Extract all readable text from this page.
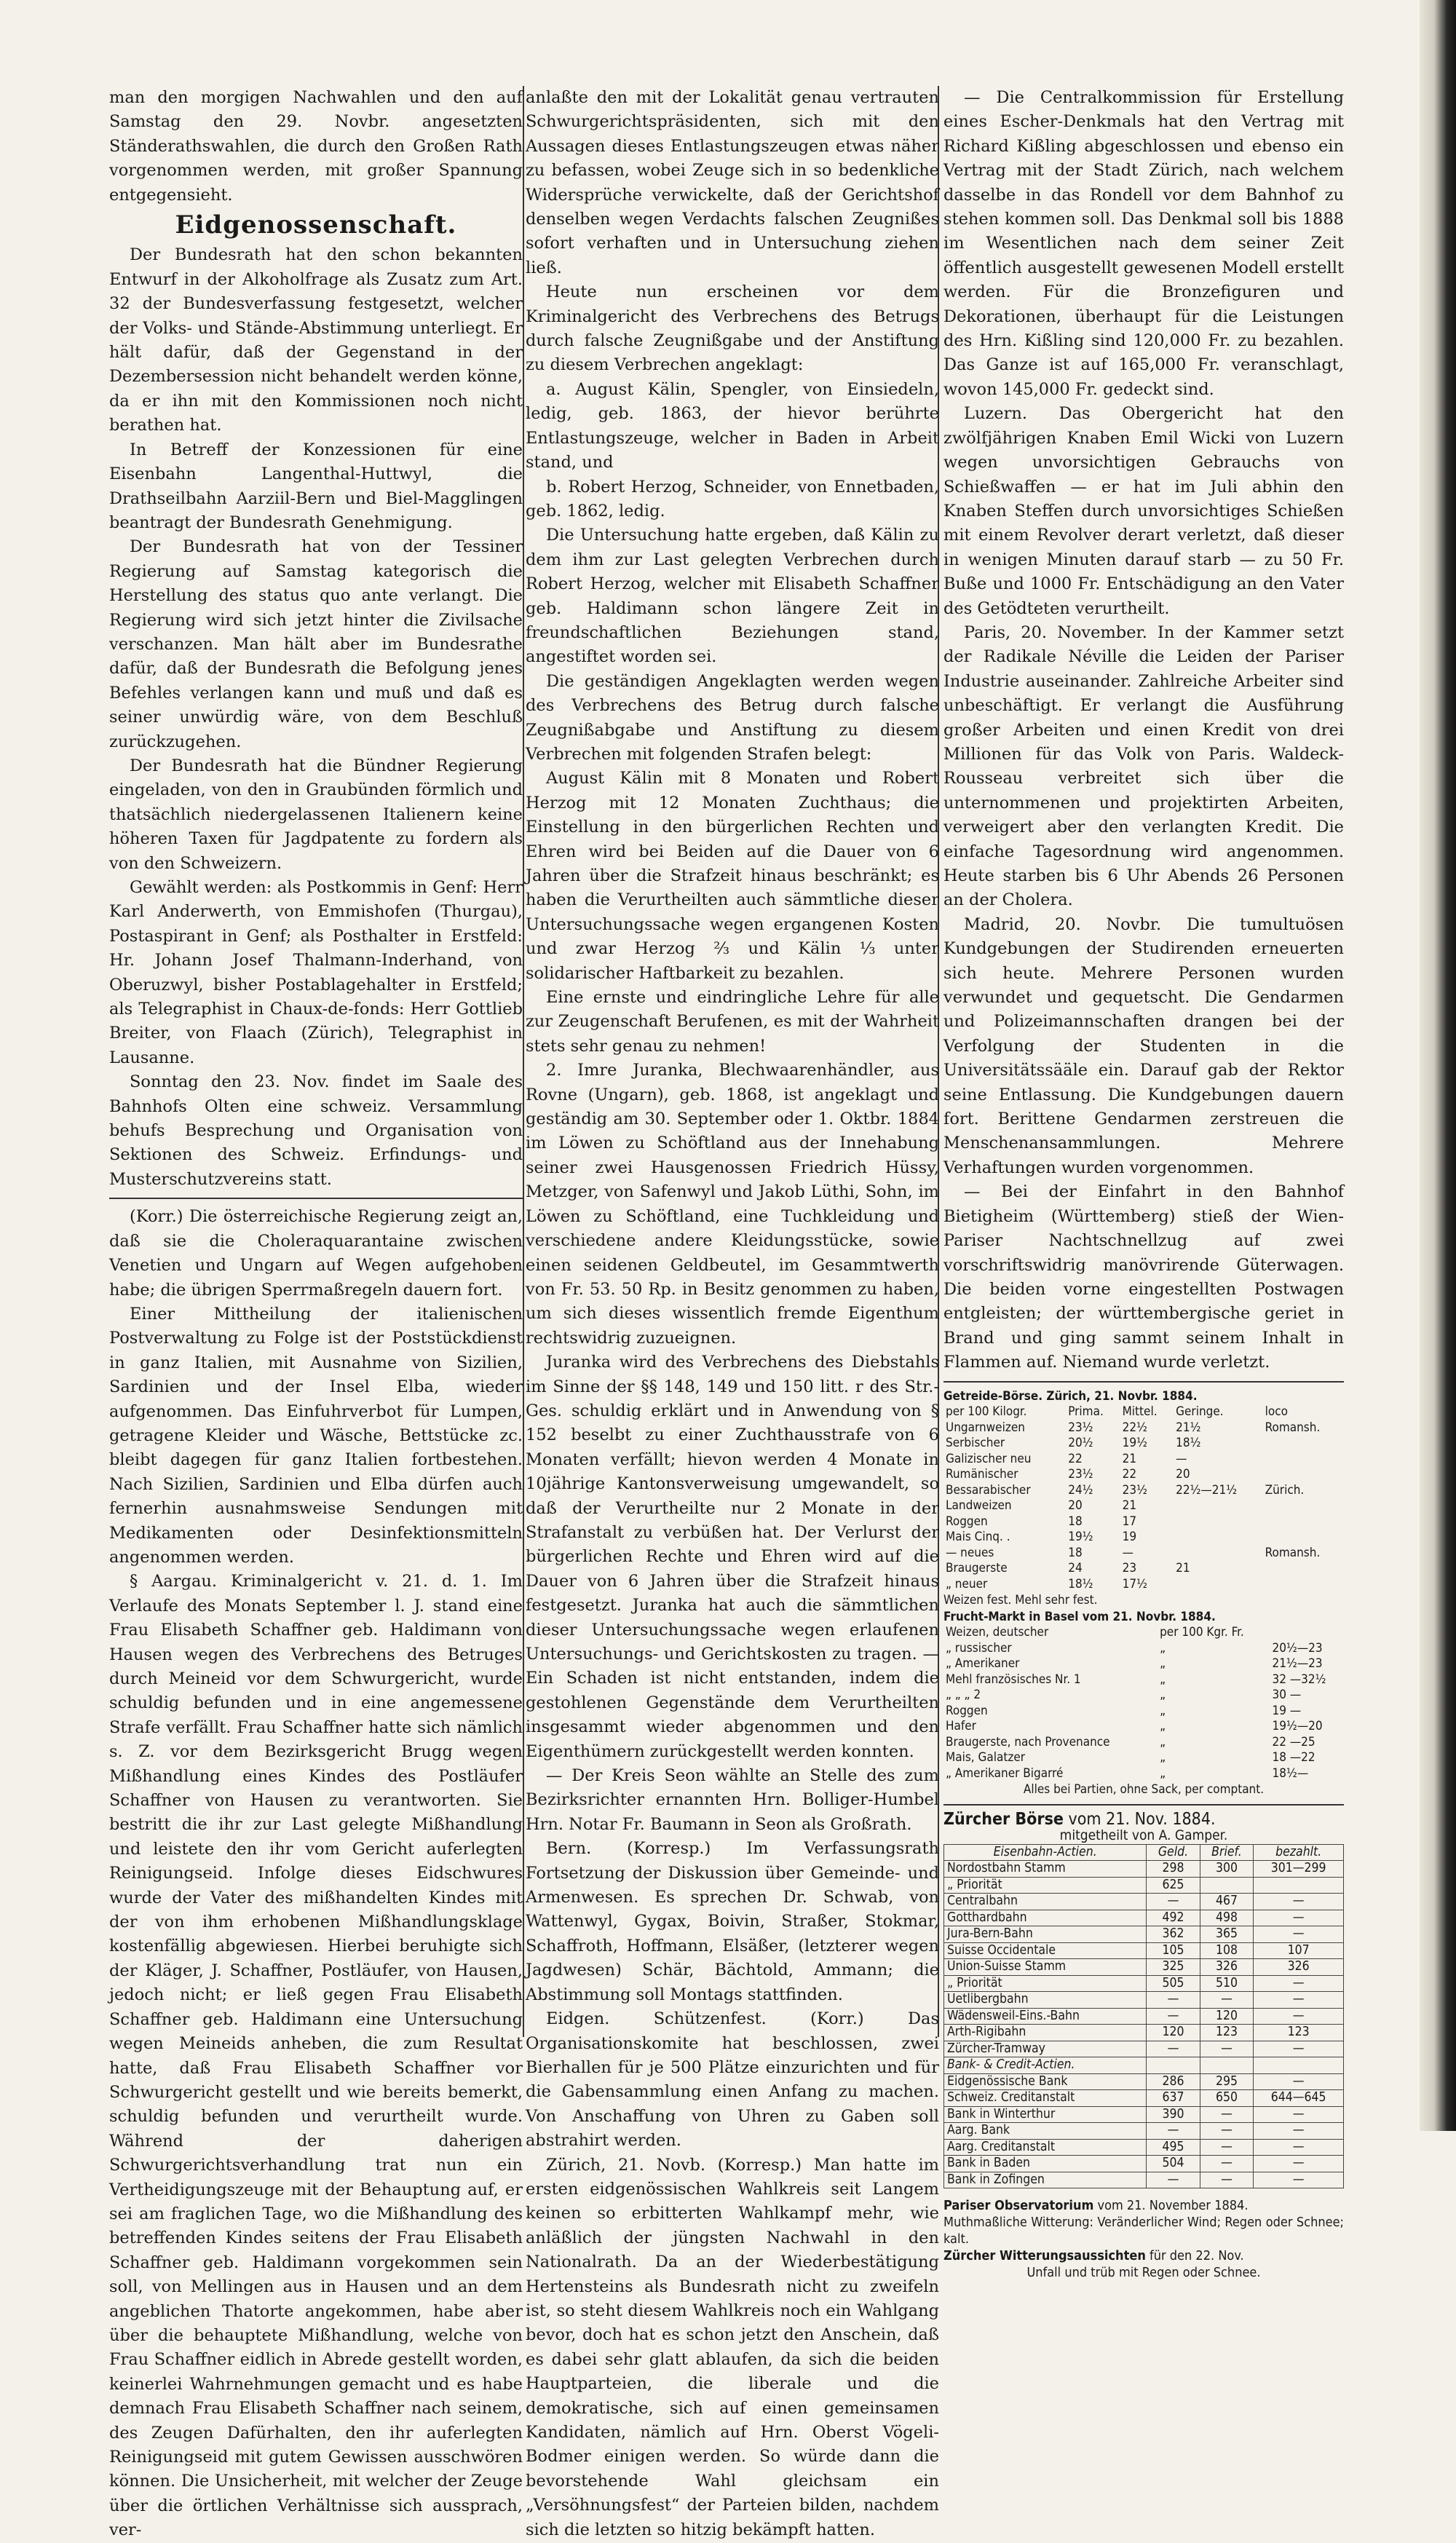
man den morgigen Nachwahlen und den auf Samstag den 29. Novbr. angesetzten Ständerathswahlen, die durch den Großen Rath vorgenommen werden, mit großer Spannung entgegensieht.

Eidgenossenschaft.

Der Bundesrath hat den schon bekannten Entwurf in der Alkoholfrage als Zusatz zum Art. 32 der Bundesverfassung festgesetzt, welcher der Volks- und Stände-Abstimmung unterliegt. Er hält dafür, daß der Gegenstand in der Dezembersession nicht behandelt werden könne, da er ihn mit den Kommissionen noch nicht berathen hat.

In Betreff der Konzessionen für eine Eisenbahn Langenthal-Huttwyl, die Drathseilbahn Aarziil-Bern und Biel-Magglingen beantragt der Bundesrath Genehmigung.

Der Bundesrath hat von der Tessiner Regierung auf Samstag kategorisch die Herstellung des status quo ante verlangt. Die Regierung wird sich jetzt hinter die Zivilsache verschanzen. Man hält aber im Bundesrathe dafür, daß der Bundesrath die Befolgung jenes Befehles verlangen kann und muß und daß es seiner unwürdig wäre, von dem Beschluß zurückzugehen.

Der Bundesrath hat die Bündner Regierung eingeladen, von den in Graubünden förmlich und thatsächlich niedergelassenen Italienern keine höheren Taxen für Jagdpatente zu fordern als von den Schweizern.

Gewählt werden: als Postkommis in Genf: Herr Karl Anderwerth, von Emmishofen (Thurgau), Postaspirant in Genf; als Posthalter in Erstfeld: Hr. Johann Josef Thalmann-Inderhand, von Oberuzwyl, bisher Postablagehalter in Erstfeld; als Telegraphist in Chaux-de-fonds: Herr Gottlieb Breiter, von Flaach (Zürich), Telegraphist in Lausanne.

Sonntag den 23. Nov. findet im Saale des Bahnhofs Olten eine schweiz. Versammlung behufs Besprechung und Organisation von Sektionen des Schweiz. Erfindungs- und Musterschutzvereins statt.

(Korr.) Die österreichische Regierung zeigt an, daß sie die Choleraquarantaine zwischen Venetien und Ungarn auf Wegen aufgehoben habe; die übrigen Sperrmaßregeln dauern fort.

Einer Mittheilung der italienischen Postverwaltung zu Folge ist der Poststückdienst in ganz Italien, mit Ausnahme von Sizilien, Sardinien und der Insel Elba, wieder aufgenommen. Das Einfuhrverbot für Lumpen, getragene Kleider und Wäsche, Bettstücke zc. bleibt dagegen für ganz Italien fortbestehen. Nach Sizilien, Sardinien und Elba dürfen auch fernerhin ausnahmsweise Sendungen mit Medikamenten oder Desinfektionsmitteln angenommen werden.

§ Aargau. Kriminalgericht v. 21. d. 1. Im Verlaufe des Monats September l. J. stand eine Frau Elisabeth Schaffner geb. Haldimann von Hausen wegen des Verbrechens des Betruges durch Meineid vor dem Schwurgericht, wurde schuldig befunden und in eine angemessene Strafe verfällt. Frau Schaffner hatte sich nämlich s. Z. vor dem Bezirksgericht Brugg wegen Mißhandlung eines Kindes des Postläufer Schaffner von Hausen zu verantworten. Sie bestritt die ihr zur Last gelegte Mißhandlung und leistete den ihr vom Gericht auferlegten Reinigungseid. Infolge dieses Eidschwures wurde der Vater des mißhandelten Kindes mit der von ihm erhobenen Mißhandlungsklage kostenfällig abgewiesen. Hierbei beruhigte sich der Kläger, J. Schaffner, Postläufer, von Hausen, jedoch nicht; er ließ gegen Frau Elisabeth Schaffner geb. Haldimann eine Untersuchung wegen Meineids anheben, die zum Resultat hatte, daß Frau Elisabeth Schaffner vor Schwurgericht gestellt und wie bereits bemerkt, schuldig befunden und verurtheilt wurde. Während der daherigen Schwurgerichtsverhandlung trat nun ein Vertheidigungszeuge mit der Behauptung auf, er sei am fraglichen Tage, wo die Mißhandlung des betreffenden Kindes seitens der Frau Elisabeth Schaffner geb. Haldimann vorgekommen sein soll, von Mellingen aus in Hausen und an dem angeblichen Thatorte angekommen, habe aber über die behauptete Mißhandlung, welche von Frau Schaffner eidlich in Abrede gestellt worden, keinerlei Wahrnehmungen gemacht und es habe demnach Frau Elisabeth Schaffner nach seinem, des Zeugen Dafürhalten, den ihr auferlegten Reinigungseid mit gutem Gewissen ausschwören können. Die Unsicherheit, mit welcher der Zeuge über die örtlichen Verhältnisse sich aussprach, ver-

anlaßte den mit der Lokalität genau vertrauten Schwurgerichtspräsidenten, sich mit den Aussagen dieses Entlastungszeugen etwas näher zu befassen, wobei Zeuge sich in so bedenkliche Widersprüche verwickelte, daß der Gerichtshof denselben wegen Verdachts falschen Zeugnißes sofort verhaften und in Untersuchung ziehen ließ.

Heute nun erscheinen vor dem Kriminalgericht des Verbrechens des Betrugs durch falsche Zeugnißgabe und der Anstiftung zu diesem Verbrechen angeklagt:

a. August Kälin, Spengler, von Einsiedeln, ledig, geb. 1863, der hievor berührte Entlastungszeuge, welcher in Baden in Arbeit stand, und

b. Robert Herzog, Schneider, von Ennetbaden, geb. 1862, ledig.

Die Untersuchung hatte ergeben, daß Kälin zu dem ihm zur Last gelegten Verbrechen durch Robert Herzog, welcher mit Elisabeth Schaffner geb. Haldimann schon längere Zeit in freundschaftlichen Beziehungen stand, angestiftet worden sei.

Die geständigen Angeklagten werden wegen des Verbrechens des Betrug durch falsche Zeugnißabgabe und Anstiftung zu diesem Verbrechen mit folgenden Strafen belegt:

August Kälin mit 8 Monaten und Robert Herzog mit 12 Monaten Zuchthaus; die Einstellung in den bürgerlichen Rechten und Ehren wird bei Beiden auf die Dauer von 6 Jahren über die Strafzeit hinaus beschränkt; es haben die Verurtheilten auch sämmtliche dieser Untersuchungssache wegen ergangenen Kosten und zwar Herzog ⅔ und Kälin ⅓ unter solidarischer Haftbarkeit zu bezahlen.

Eine ernste und eindringliche Lehre für alle zur Zeugenschaft Berufenen, es mit der Wahrheit stets sehr genau zu nehmen!

2. Imre Juranka, Blechwaarenhändler, aus Rovne (Ungarn), geb. 1868, ist angeklagt und geständig am 30. September oder 1. Oktbr. 1884 im Löwen zu Schöftland aus der Innehabung seiner zwei Hausgenossen Friedrich Hüssy, Metzger, von Safenwyl und Jakob Lüthi, Sohn, im Löwen zu Schöftland, eine Tuchkleidung und verschiedene andere Kleidungsstücke, sowie einen seidenen Geldbeutel, im Gesammtwerth von Fr. 53. 50 Rp. in Besitz genommen zu haben, um sich dieses wissentlich fremde Eigenthum rechtswidrig zuzueignen.

Juranka wird des Verbrechens des Diebstahls im Sinne der §§ 148, 149 und 150 litt. r des Str.-Ges. schuldig erklärt und in Anwendung von § 152 beselbt zu einer Zuchthausstrafe von 6 Monaten verfällt; hievon werden 4 Monate in 10jährige Kantonsverweisung umgewandelt, so daß der Verurtheilte nur 2 Monate in der Strafanstalt zu verbüßen hat. Der Verlurst der bürgerlichen Rechte und Ehren wird auf die Dauer von 6 Jahren über die Strafzeit hinaus festgesetzt. Juranka hat auch die sämmtlichen dieser Untersuchungssache wegen erlaufenen Untersuchungs- und Gerichtskosten zu tragen. — Ein Schaden ist nicht entstanden, indem die gestohlenen Gegenstände dem Verurtheilten insgesammt wieder abgenommen und den Eigenthümern zurückgestellt werden konnten.

— Der Kreis Seon wählte an Stelle des zum Bezirksrichter ernannten Hrn. Bolliger-Humbel Hrn. Notar Fr. Baumann in Seon als Großrath.

Bern. (Korresp.) Im Verfassungsrath Fortsetzung der Diskussion über Gemeinde- und Armenwesen. Es sprechen Dr. Schwab, von Wattenwyl, Gygax, Boivin, Straßer, Stokmar, Schaffroth, Hoffmann, Elsäßer, (letzterer wegen Jagdwesen) Schär, Bächtold, Ammann; die Abstimmung soll Montags stattfinden.

Eidgen. Schützenfest. (Korr.) Das Organisationskomite hat beschlossen, zwei Bierhallen für je 500 Plätze einzurichten und für die Gabensammlung einen Anfang zu machen. Von Anschaffung von Uhren zu Gaben soll abstrahirt werden.

Zürich, 21. Novb. (Korresp.) Man hatte im ersten eidgenössischen Wahlkreis seit Langem keinen so erbitterten Wahlkampf mehr, wie anläßlich der jüngsten Nachwahl in den Nationalrath. Da an der Wiederbestätigung Hertensteins als Bundesrath nicht zu zweifeln ist, so steht diesem Wahlkreis noch ein Wahlgang bevor, doch hat es schon jetzt den Anschein, daß es dabei sehr glatt ablaufen, da sich die beiden Hauptparteien, die liberale und die demokratische, sich auf einen gemeinsamen Kandidaten, nämlich auf Hrn. Oberst Vögeli-Bodmer einigen werden. So würde dann die bevorstehende Wahl gleichsam ein „Versöhnungsfest“ der Parteien bilden, nachdem sich die letzten so hitzig bekämpft hatten.

— Die Centralkommission für Erstellung eines Escher-Denkmals hat den Vertrag mit Richard Kißling abgeschlossen und ebenso ein Vertrag mit der Stadt Zürich, nach welchem dasselbe in das Rondell vor dem Bahnhof zu stehen kommen soll. Das Denkmal soll bis 1888 im Wesentlichen nach dem seiner Zeit öffentlich ausgestellt gewesenen Modell erstellt werden. Für die Bronzefiguren und Dekorationen, überhaupt für die Leistungen des Hrn. Kißling sind 120,000 Fr. zu bezahlen. Das Ganze ist auf 165,000 Fr. veranschlagt, wovon 145,000 Fr. gedeckt sind.

Luzern. Das Obergericht hat den zwölfjährigen Knaben Emil Wicki von Luzern wegen unvorsichtigen Gebrauchs von Schießwaffen — er hat im Juli abhin den Knaben Steffen durch unvorsichtiges Schießen mit einem Revolver derart verletzt, daß dieser in wenigen Minuten darauf starb — zu 50 Fr. Buße und 1000 Fr. Entschädigung an den Vater des Getödteten verurtheilt.

Paris, 20. November. In der Kammer setzt der Radikale Néville die Leiden der Pariser Industrie auseinander. Zahlreiche Arbeiter sind unbeschäftigt. Er verlangt die Ausführung großer Arbeiten und einen Kredit von drei Millionen für das Volk von Paris. Waldeck-Rousseau verbreitet sich über die unternommenen und projektirten Arbeiten, verweigert aber den verlangten Kredit. Die einfache Tagesordnung wird angenommen. Heute starben bis 6 Uhr Abends 26 Personen an der Cholera.

Madrid, 20. Novbr. Die tumultuösen Kundgebungen der Studirenden erneuerten sich heute. Mehrere Personen wurden verwundet und gequetscht. Die Gendarmen und Polizeimannschaften drangen bei der Verfolgung der Studenten in die Universitätssääle ein. Darauf gab der Rektor seine Entlassung. Die Kundgebungen dauern fort. Berittene Gendarmen zerstreuen die Menschenansammlungen. Mehrere Verhaftungen wurden vorgenommen.

— Bei der Einfahrt in den Bahnhof Bietigheim (Württemberg) stieß der Wien-Pariser Nachtschnellzug auf zwei vorschriftswidrig manövrirende Güterwagen. Die beiden vorne eingestellten Postwagen entgleisten; der württembergische geriet in Brand und ging sammt seinem Inhalt in Flammen auf. Niemand wurde verletzt.

Getreide-Börse. Zürich, 21. Novbr. 1884.
per 100 Kilogr.	Prima.	Mittel.	Geringe.	loco
Ungarnweizen	23½	22½	21½	Romansh.
Serbischer	20½	19½	18½	
Galizischer neu	22	21	—	
Rumänischer	23½	22	20	
Bessarabischer	24½	23½	22½—21½	Zürich.
Landweizen	20	21		
Roggen	18	17		
Mais Cinq. .	19½	19		
— neues	18	—		Romansh.
Braugerste	24	23	21	
„ neuer	18½	17½		
Weizen fest. Mehl sehr fest.
Frucht-Markt in Basel vom 21. Novbr. 1884.
Weizen, deutscher	per 100 Kgr. Fr.	
„ russischer	„	20½—23
„ Amerikaner	„	21½—23
Mehl französisches Nr. 1	„	32 —32½
„ „ „ 2	„	30 —
Roggen	„	19 —
Hafer	„	19½—20
Braugerste, nach Provenance	„	22 —25
Mais, Galatzer	„	18 —22
„ Amerikaner Bigarré	„	18½—
Alles bei Partien, ohne Sack, per comptant.
Zürcher Börse vom 21. Nov. 1884.
mitgetheilt von A. Gamper.
Eisenbahn-Actien.	Geld.	Brief.	bezahlt.
Nordostbahn Stamm	298	300	301—299
„ Priorität	625		
Centralbahn	—	467	—
Gotthardbahn	492	498	—
Jura-Bern-Bahn	362	365	—
Suisse Occidentale	105	108	107
Union-Suisse Stamm	325	326	326
„ Priorität	505	510	—
Uetlibergbahn	—	—	—
Wädensweil-Eins.-Bahn	—	120	—
Arth-Rigibahn	120	123	123
Zürcher-Tramway	—	—	—
Bank- & Credit-Actien.			
Eidgenössische Bank	286	295	—
Schweiz. Creditanstalt	637	650	644—645
Bank in Winterthur	390	—	—
Aarg. Bank	—	—	—
Aarg. Creditanstalt	495	—	—
Bank in Baden	504	—	—
Bank in Zofingen	—	—	—
Pariser Observatorium vom 21. November 1884.
Muthmaßliche Witterung: Veränderlicher Wind; Regen oder Schnee; kalt.
Zürcher Witterungsaussichten für den 22. Nov.
Unfall und trüb mit Regen oder Schnee.
